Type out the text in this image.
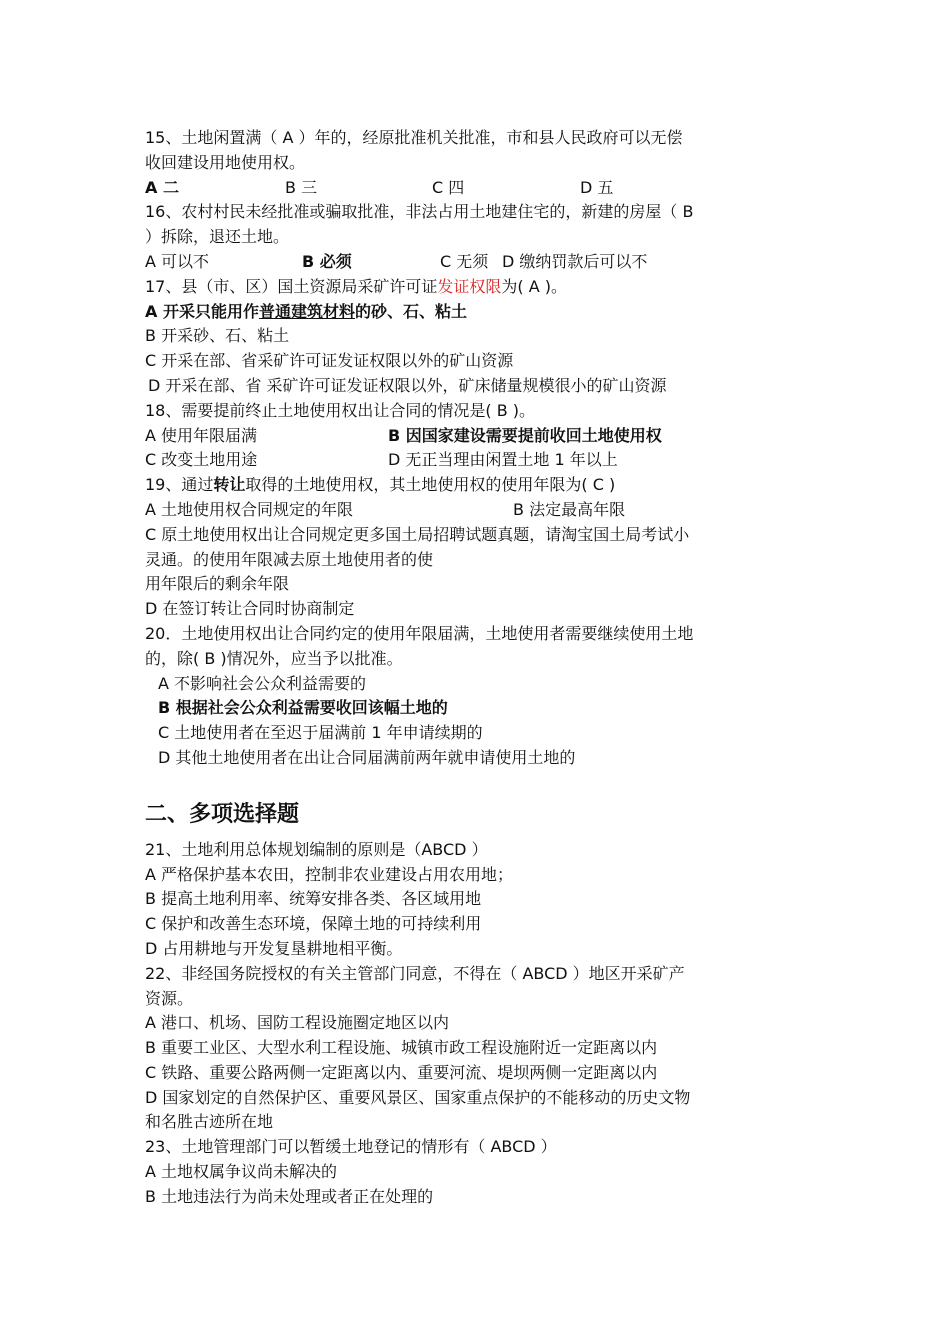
15、土地闲置满（ A ）年的，经原批准机关批准，市和县人民政府可以无偿
收回建设用地使用权。
A 二	B 三	C 四	D 五
16、农村村民未经批准或骗取批准，非法占用土地建住宅的，新建的房屋（ B
）拆除，退还土地。
A 可以不	B 必须	C 无须 D 缴纳罚款后可以不
17、县（市、区）国土资源局采矿许可证发证权限为( A )。
A 开采只能用作普通建筑材料的砂、石、粘土
B 开采砂、石、粘土
C 开采在部、省采矿许可证发证权限以外的矿山资源
D 开采在部、省 采矿许可证发证权限以外，矿床储量规模很小的矿山资源
18、需要提前终止土地使用权出让合同的情况是( B )。
A 使用年限届满	B 因国家建设需要提前收回土地使用权
C 改变土地用途	D 无正当理由闲置土地 1 年以上
19、通过转让取得的土地使用权，其土地使用权的使用年限为( C )
A 土地使用权合同规定的年限	B 法定最高年限
C 原土地使用权出让合同规定更多国土局招聘试题真题，请淘宝国土局考试小
灵通。的使用年限减去原土地使用者的使
用年限后的剩余年限
D 在签订转让合同时协商制定
20．土地使用权出让合同约定的使用年限届满，土地使用者需要继续使用土地
的，除( B )情况外，应当予以批准。
A 不影响社会公众利益需要的
B 根据社会公众利益需要收回该幅土地的
C 土地使用者在至迟于届满前 1 年申请续期的
D 其他土地使用者在出让合同届满前两年就申请使用土地的
二、多项选择题
21、土地利用总体规划编制的原则是（ABCD ）
A 严格保护基本农田，控制非农业建设占用农用地；
B 提高土地利用率、统筹安排各类、各区域用地
C 保护和改善生态环境，保障土地的可持续利用
D 占用耕地与开发复垦耕地相平衡。
22、非经国务院授权的有关主管部门同意，不得在（ ABCD ）地区开采矿产
资源。
A 港口、机场、国防工程设施圈定地区以内
B 重要工业区、大型水利工程设施、城镇市政工程设施附近一定距离以内
C 铁路、重要公路两侧一定距离以内、重要河流、堤坝两侧一定距离以内
D 国家划定的自然保护区、重要风景区、国家重点保护的不能移动的历史文物
和名胜古迹所在地
23、土地管理部门可以暂缓土地登记的情形有（ ABCD ）
A 土地权属争议尚未解决的
B 土地违法行为尚未处理或者正在处理的
